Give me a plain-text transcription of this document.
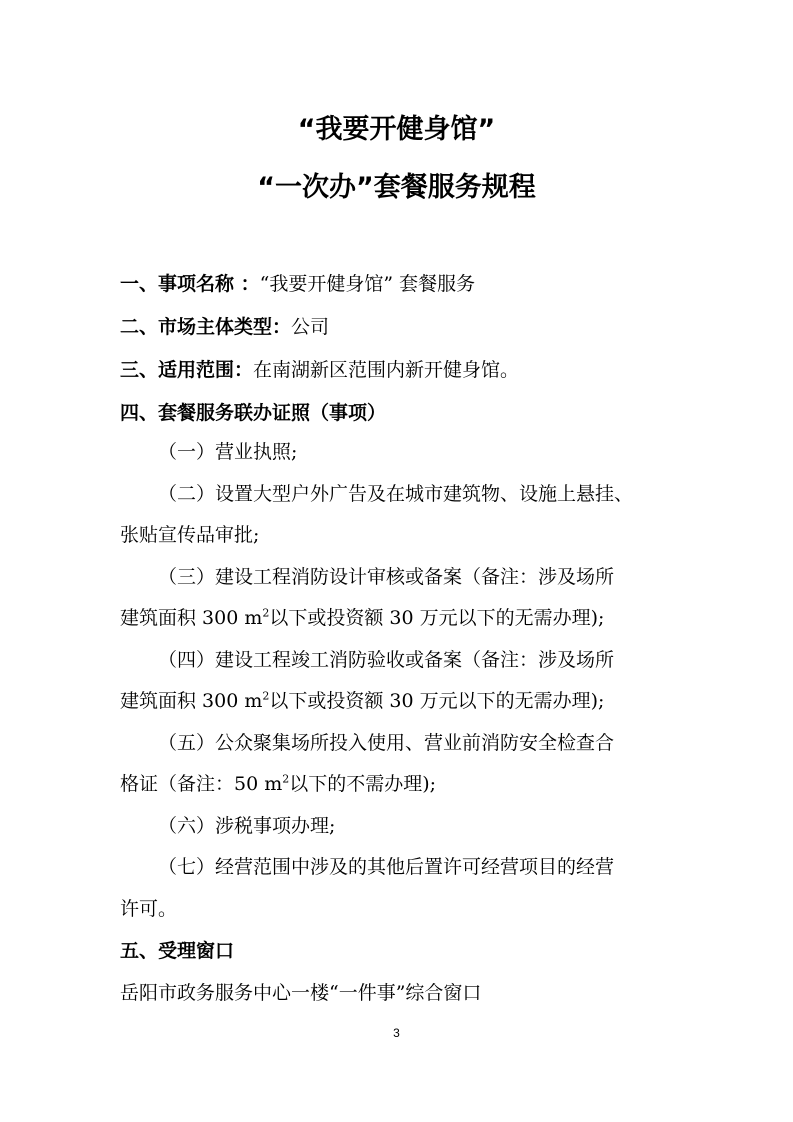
“我要开健身馆”
“一次办”套餐服务规程
一、事项名称 ：“我要开健身馆” 套餐服务
二、市场主体类型：公司
三、适用范围：在南湖新区范围内新开健身馆。
四、套餐服务联办证照（事项）
（一）营业执照;
（二）设置大型户外广告及在城市建筑物、设施上悬挂、
张贴宣传品审批;
（三）建设工程消防设计审核或备案（备注：涉及场所
建筑面积 300 $m^2$以下或投资额 30 万元以下的无需办理);
（四）建设工程竣工消防验收或备案（备注：涉及场所
建筑面积 300 $m^2$以下或投资额 30 万元以下的无需办理);
（五）公众聚集场所投入使用、营业前消防安全检查合
格证（备注：50 $m^2$以下的不需办理);
（六）涉税事项办理;
（七）经营范围中涉及的其他后置许可经营项目的经营
许可。
五、受理窗口
岳阳市政务服务中心一楼“一件事”综合窗口
3
